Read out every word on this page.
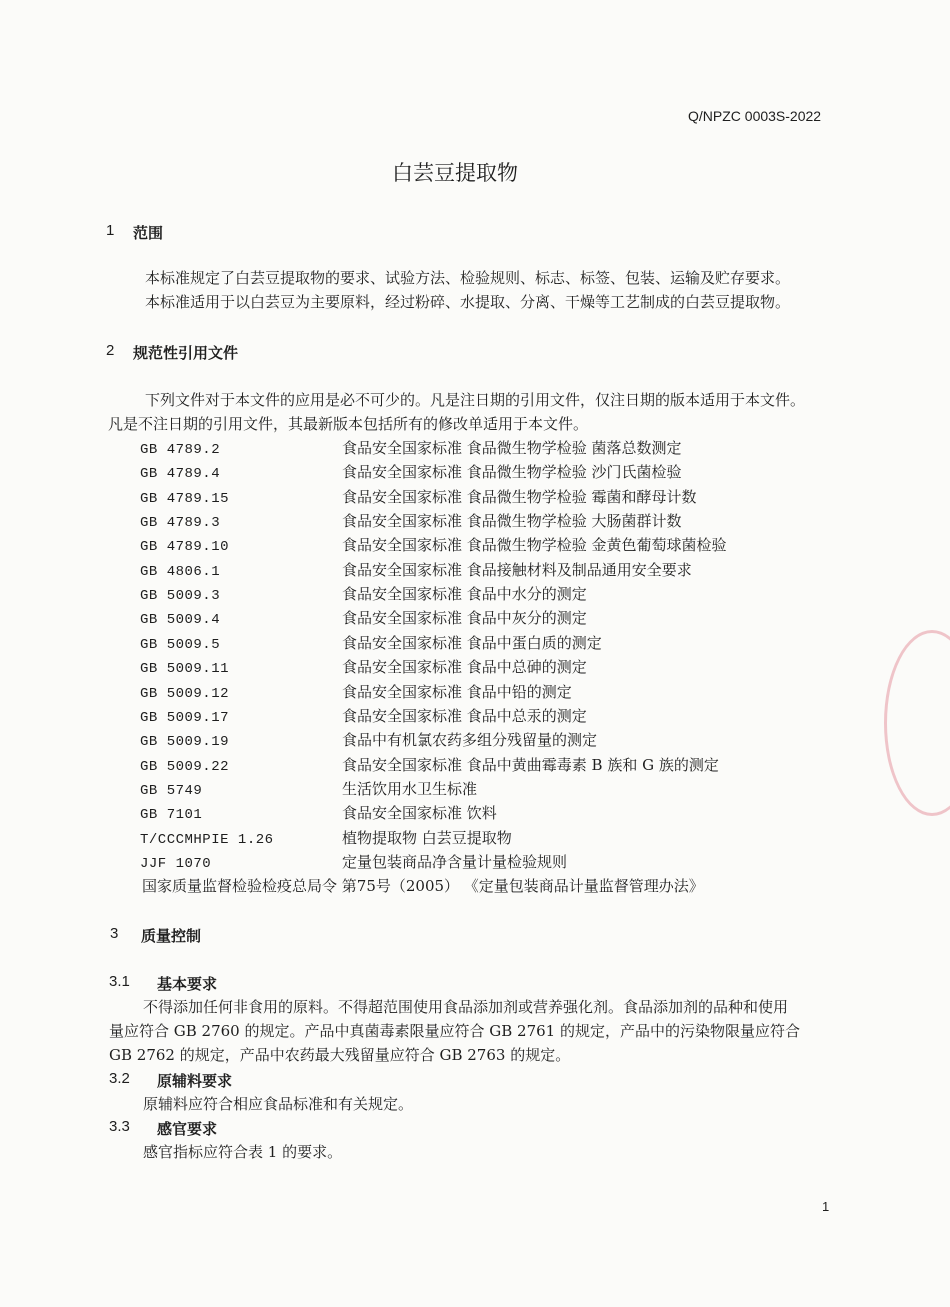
Q/NPZC 0003S-2022
白芸豆提取物
1 范围
本标准规定了白芸豆提取物的要求、试验方法、检验规则、标志、标签、包装、运输及贮存要求。
本标准适用于以白芸豆为主要原料，经过粉碎、水提取、分离、干燥等工艺制成的白芸豆提取物。
2 规范性引用文件
下列文件对于本文件的应用是必不可少的。凡是注日期的引用文件，仅注日期的版本适用于本文件。
凡是不注日期的引用文件，其最新版本包括所有的修改单适用于本文件。
GB 4789.2	食品安全国家标准 食品微生物学检验 菌落总数测定
GB 4789.4	食品安全国家标准 食品微生物学检验 沙门氏菌检验
GB 4789.15	食品安全国家标准 食品微生物学检验 霉菌和酵母计数
GB 4789.3	食品安全国家标准 食品微生物学检验 大肠菌群计数
GB 4789.10	食品安全国家标准 食品微生物学检验 金黄色葡萄球菌检验
GB 4806.1	食品安全国家标准 食品接触材料及制品通用安全要求
GB 5009.3	食品安全国家标准 食品中水分的测定
GB 5009.4	食品安全国家标准 食品中灰分的测定
GB 5009.5	食品安全国家标准 食品中蛋白质的测定
GB 5009.11	食品安全国家标准 食品中总砷的测定
GB 5009.12	食品安全国家标准 食品中铅的测定
GB 5009.17	食品安全国家标准 食品中总汞的测定
GB 5009.19	食品中有机氯农药多组分残留量的测定
GB 5009.22	食品安全国家标准 食品中黄曲霉毒素 B 族和 G 族的测定
GB 5749	生活饮用水卫生标准
GB 7101	食品安全国家标准 饮料
T/CCCMHPIE 1.26	植物提取物 白芸豆提取物
JJF 1070	定量包装商品净含量计量检验规则
国家质量监督检验检疫总局令 第75号（2005） 《定量包装商品计量监督管理办法》
3 质量控制
3.1 基本要求
不得添加任何非食用的原料。不得超范围使用食品添加剂或营养强化剂。食品添加剂的品种和使用
量应符合 GB 2760 的规定。产品中真菌毒素限量应符合 GB 2761 的规定，产品中的污染物限量应符合
GB 2762 的规定，产品中农药最大残留量应符合 GB 2763 的规定。
3.2 原辅料要求
原辅料应符合相应食品标准和有关规定。
3.3 感官要求
感官指标应符合表 1 的要求。
1
